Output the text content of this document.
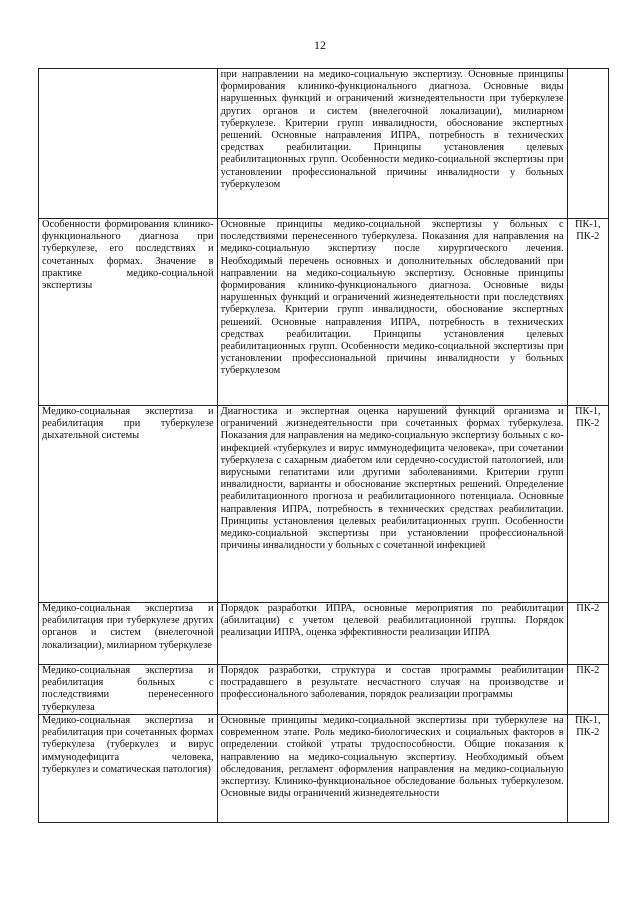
12

	при направлении на медико-социальную экспертизу. Основные принципы формирования клинико-функционального диагноза. Основные виды нарушенных функций и ограничений жизнедеятельности при туберкулезе других органов и систем (внелегочной локализации), милиарном туберкулезе. Критерии групп инвалидности, обоснование экспертных решений. Основные направления ИПРА, потребность в технических средствах реабилитации. Принципы установления целевых реабилитационных групп. Особенности медико-социальной экспертизы при установлении профессиональной причины инвалидности у больных туберкулезом	

Особенности формирования клинико-функционального диагноза при туберкулезе, его последствиях и сочетанных формах. Значение в практике медико-социальной экспертизы	Основные принципы медико-социальной экспертизы у больных с последствиями перенесенного туберкулеза. Показания для направления на медико-социальную экспертизу после хирургического лечения. Необходимый перечень основных и дополнительных обследований при направлении на медико-социальную экспертизу. Основные принципы формирования клинико-функционального диагноза. Основные виды нарушенных функций и ограничений жизнедеятельности при последствиях туберкулеза. Критерии групп инвалидности, обоснование экспертных решений. Основные направления ИПРА, потребность в технических средствах реабилитации. Принципы установления целевых реабилитационных групп. Особенности медико-социальной экспертизы при установлении профессиональной причины инвалидности у больных туберкулезом	ПК-1, ПК-2

Медико-социальная экспертиза и реабилитация при туберкулезе дыхательной системы	Диагностика и экспертная оценка нарушений функций организма и ограничений жизнедеятельности при сочетанных формах туберкулеза. Показания для направления на медико-социальную экспертизу больных с ко-инфекцией «туберкулез и вирус иммунодефицита человека», при сочетании туберкулеза с сахарным диабетом или сердечно-сосудистой патологией, или вирусными гепатитами или другими заболеваниями. Критерии групп инвалидности, варианты и обоснование экспертных решений. Определение реабилитационного прогноза и реабилитационного потенциала. Основные направления ИПРА, потребность в технических средствах реабилитации. Принципы установления целевых реабилитационных групп. Особенности медико-социальной экспертизы при установлении профессиональной причины инвалидности у больных с сочетанной инфекцией	ПК-1, ПК-2

Медико-социальная экспертиза и реабилитация при туберкулезе других органов и систем (внелегочной локализации), милиарном туберкулезе	Порядок разработки ИПРА, основные мероприятия по реабилитации (абилитации) с учетом целевой реабилитационной группы. Порядок реализации ИПРА, оценка эффективности реализации ИПРА	ПК-2

Медико-социальная экспертиза и реабилитация больных с последствиями перенесенного туберкулеза	Порядок разработки, структура и состав программы реабилитации пострадавшего в результате несчастного случая на производстве и профессионального заболевания, порядок реализации программы	ПК-2

Медико-социальная экспертиза и реабилитация при сочетанных формах туберкулеза (туберкулез и вирус иммунодефицита человека, туберкулез и соматическая патология)	Основные принципы медико-социальной экспертизы при туберкулезе на современном этапе. Роль медико-биологических и социальных факторов в определении стойкой утраты трудоспособности. Общие показания к направлению на медико-социальную экспертизу. Необходимый объем обследования, регламент оформления направления на медико-социальную экспертизу. Клинико-функциональное обследование больных туберкулезом. Основные виды ограничений жизнедеятельности	ПК-1, ПК-2
